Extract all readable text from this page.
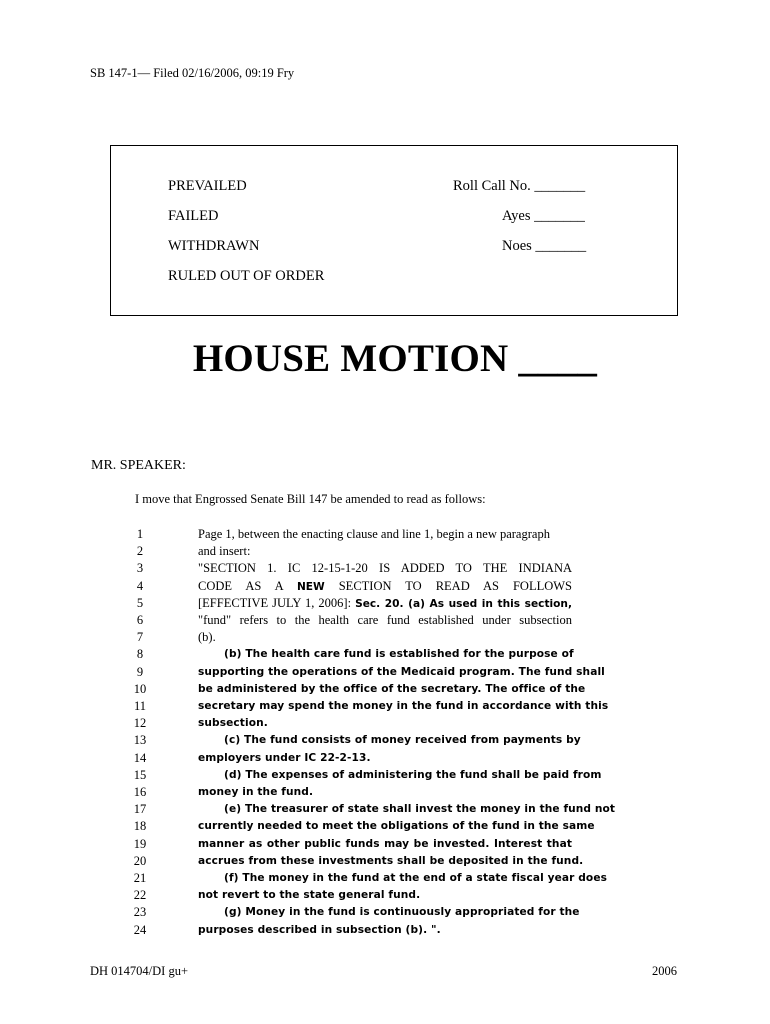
SB 147-1— Filed 02/16/2006, 09:19 Fry
PREVAILED
FAILED
WITHDRAWN
RULED OUT OF ORDER
Roll Call No. _______
Ayes _______
Noes _______
HOUSE MOTION ____
MR. SPEAKER:
I move that Engrossed Senate Bill 147 be amended to read as follows:
1	Page 1, between the enacting clause and line 1, begin a new paragraph
2	and insert:
3	"SECTION 1. IC 12-15-1-20 IS ADDED TO THE INDIANA
4	CODE AS A NEW SECTION TO READ AS FOLLOWS
5	[EFFECTIVE JULY 1, 2006]: Sec. 20. (a) As used in this section,
6	"fund" refers to the health care fund established under subsection
7	(b).
8	(b) The health care fund is established for the purpose of
9	supporting the operations of the Medicaid program. The fund shall
10	be administered by the office of the secretary. The office of the
11	secretary may spend the money in the fund in accordance with this
12	subsection.
13	(c) The fund consists of money received from payments by
14	employers under IC 22-2-13.
15	(d) The expenses of administering the fund shall be paid from
16	money in the fund.
17	(e) The treasurer of state shall invest the money in the fund not
18	currently needed to meet the obligations of the fund in the same
19	manner as other public funds may be invested. Interest that
20	accrues from these investments shall be deposited in the fund.
21	(f) The money in the fund at the end of a state fiscal year does
22	not revert to the state general fund.
23	(g) Money in the fund is continuously appropriated for the
24	purposes described in subsection (b). ".
DH 014704/DI gu+	2006
